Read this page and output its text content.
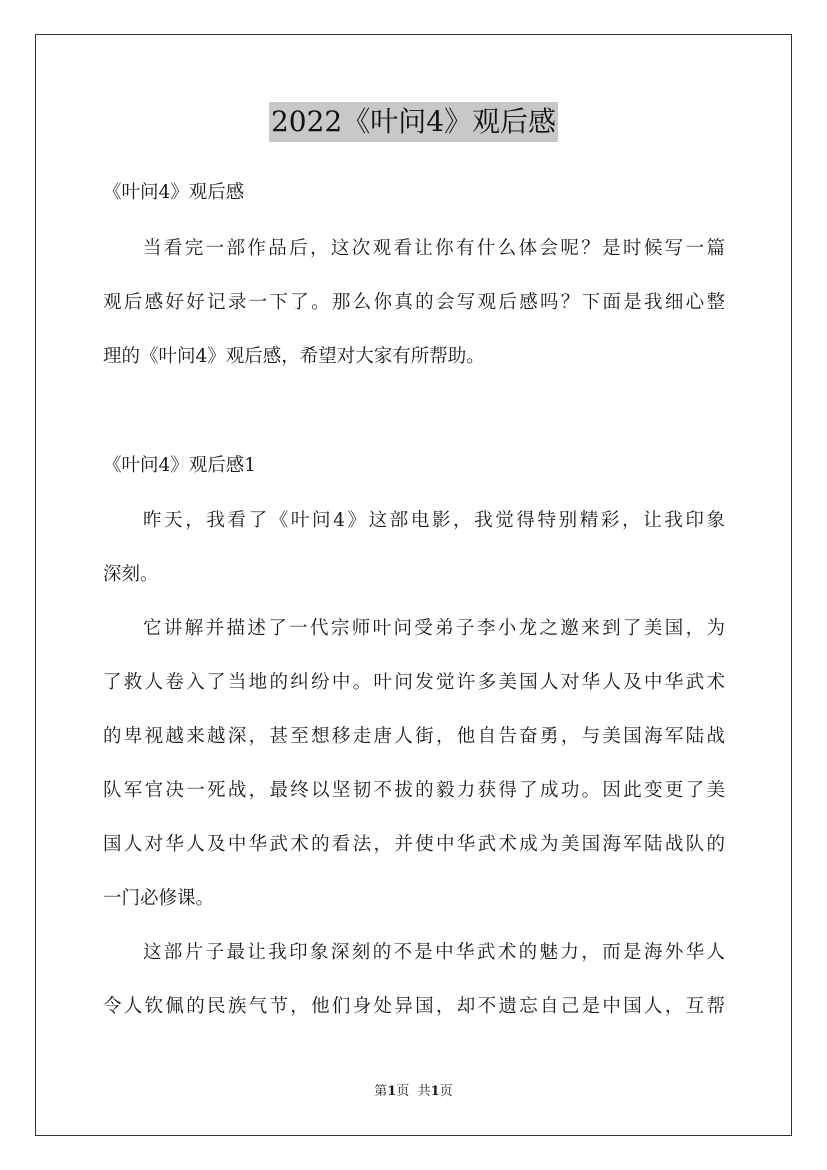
2022《叶问4》观后感
《叶问4》观后感
当看完一部作品后，这次观看让你有什么体会呢？是时候写一篇
观后感好好记录一下了。那么你真的会写观后感吗？下面是我细心整
理的《叶问4》观后感，希望对大家有所帮助。
《叶问4》观后感1
昨天，我看了《叶问4》这部电影，我觉得特别精彩，让我印象
深刻。
它讲解并描述了一代宗师叶问受弟子李小龙之邀来到了美国，为
了救人卷入了当地的纠纷中。叶问发觉许多美国人对华人及中华武术
的卑视越来越深，甚至想移走唐人街，他自告奋勇，与美国海军陆战
队军官决一死战，最终以坚韧不拔的毅力获得了成功。因此变更了美
国人对华人及中华武术的看法，并使中华武术成为美国海军陆战队的
一门必修课。
这部片子最让我印象深刻的不是中华武术的魅力，而是海外华人
令人钦佩的民族气节，他们身处异国，却不遗忘自己是中国人，互帮
第1页 共1页
